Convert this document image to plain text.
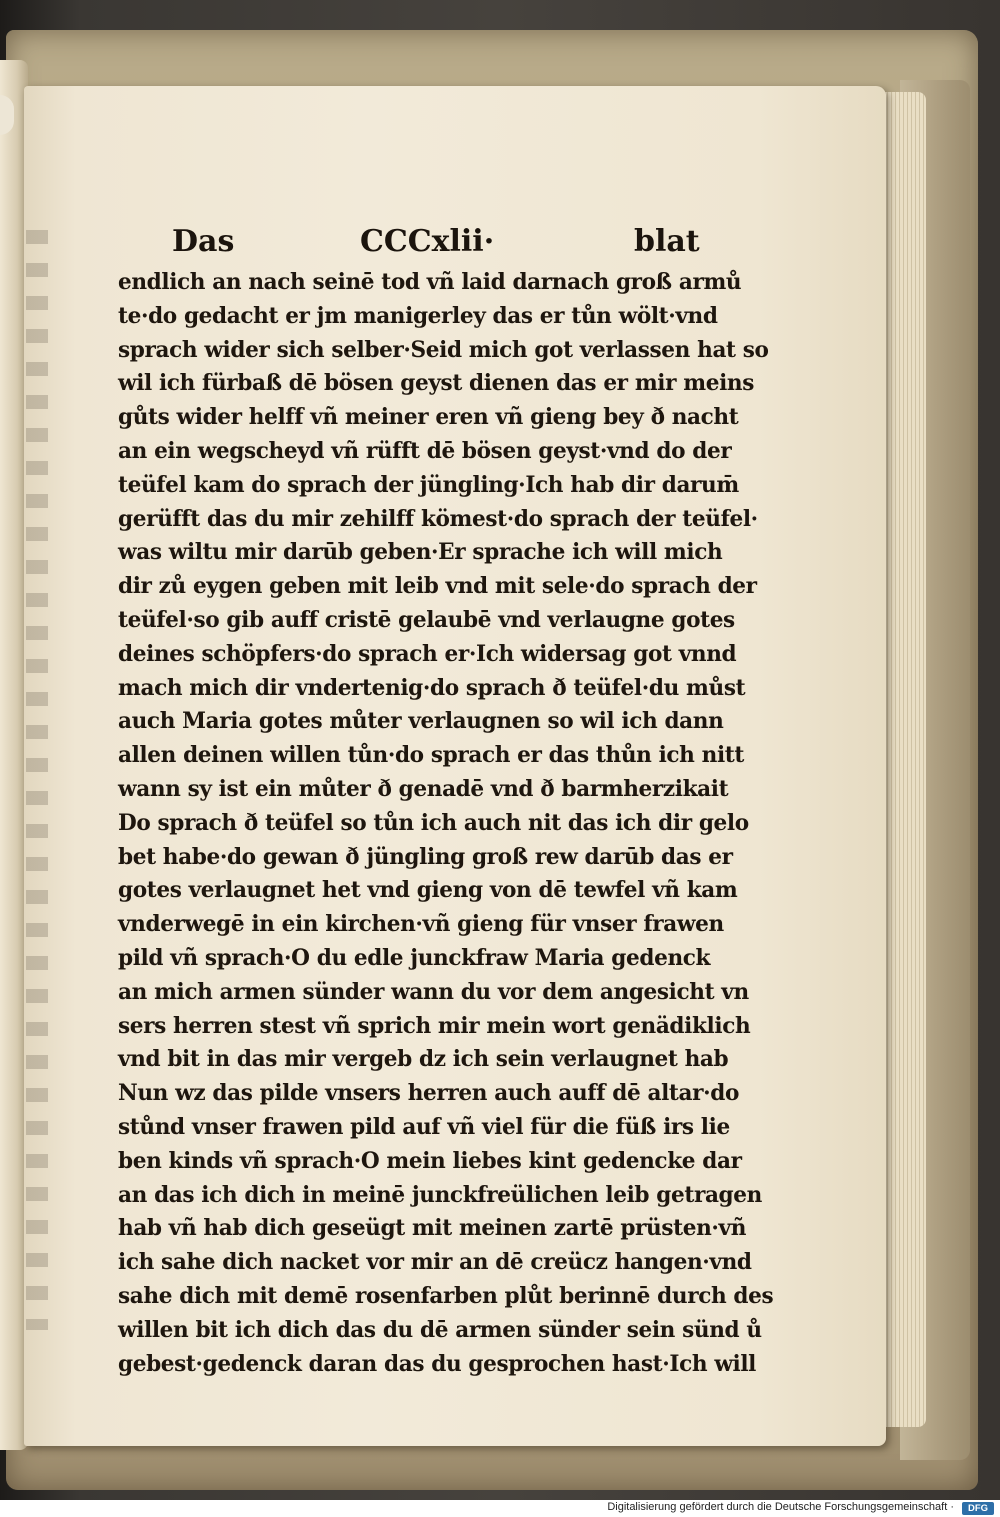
Das	CCCxlii·	blat
endlich an nach seinē tod vñ laid darnach groß armů
te·do gedacht er jm manigerley das er tůn wölt·vnd
sprach wider sich selber·Seid mich got verlassen hat so
wil ich fürbaß dē bösen geyst dienen das er mir meins
gůts wider helff vñ meiner eren vñ gieng bey ð nacht
an ein wegscheyd vñ rüfft dē bösen geyst·vnd do der
teüfel kam do sprach der jüngling·Ich hab dir darum̄
gerüfft das du mir zehilff kömest·do sprach der teüfel·
was wiltu mir darūb geben·Er sprache ich will mich
dir zů eygen geben mit leib vnd mit sele·do sprach der
teüfel·so gib auff cristē gelaubē vnd verlaugne gotes
deines schöpfers·do sprach er·Ich widersag got vnnd
mach mich dir vndertenig·do sprach ð teüfel·du můst
auch Maria gotes můter verlaugnen so wil ich dann
allen deinen willen tůn·do sprach er das thůn ich nitt
wann sy ist ein můter ð genadē vnd ð barmherzikait
Do sprach ð teüfel so tůn ich auch nit das ich dir gelo
bet habe·do gewan ð jüngling groß rew darūb das er
gotes verlaugnet het vnd gieng von dē tewfel vñ kam
vnderwegē in ein kirchen·vñ gieng für vnser frawen
pild vñ sprach·O du edle junckfraw Maria gedenck
an mich armen sünder wann du vor dem angesicht vn
sers herren stest vñ sprich mir mein wort genädiklich
vnd bit in das mir vergeb dz ich sein verlaugnet hab
Nun wz das pilde vnsers herren auch auff dē altar·do
stůnd vnser frawen pild auf vñ viel für die füß irs lie
ben kinds vñ sprach·O mein liebes kint gedencke dar
an das ich dich in meinē junckfreülichen leib getragen
hab vñ hab dich geseügt mit meinen zartē prüsten·vñ
ich sahe dich nacket vor mir an dē creücz hangen·vnd
sahe dich mit demē rosenfarben plůt berinnē durch des
willen bit ich dich das du dē armen sünder sein sünd ů
gebest·gedenck daran das du gesprochen hast·Ich will
Digitalisierung gefördert durch die Deutsche Forschungsgemeinschaft ·	DFG
